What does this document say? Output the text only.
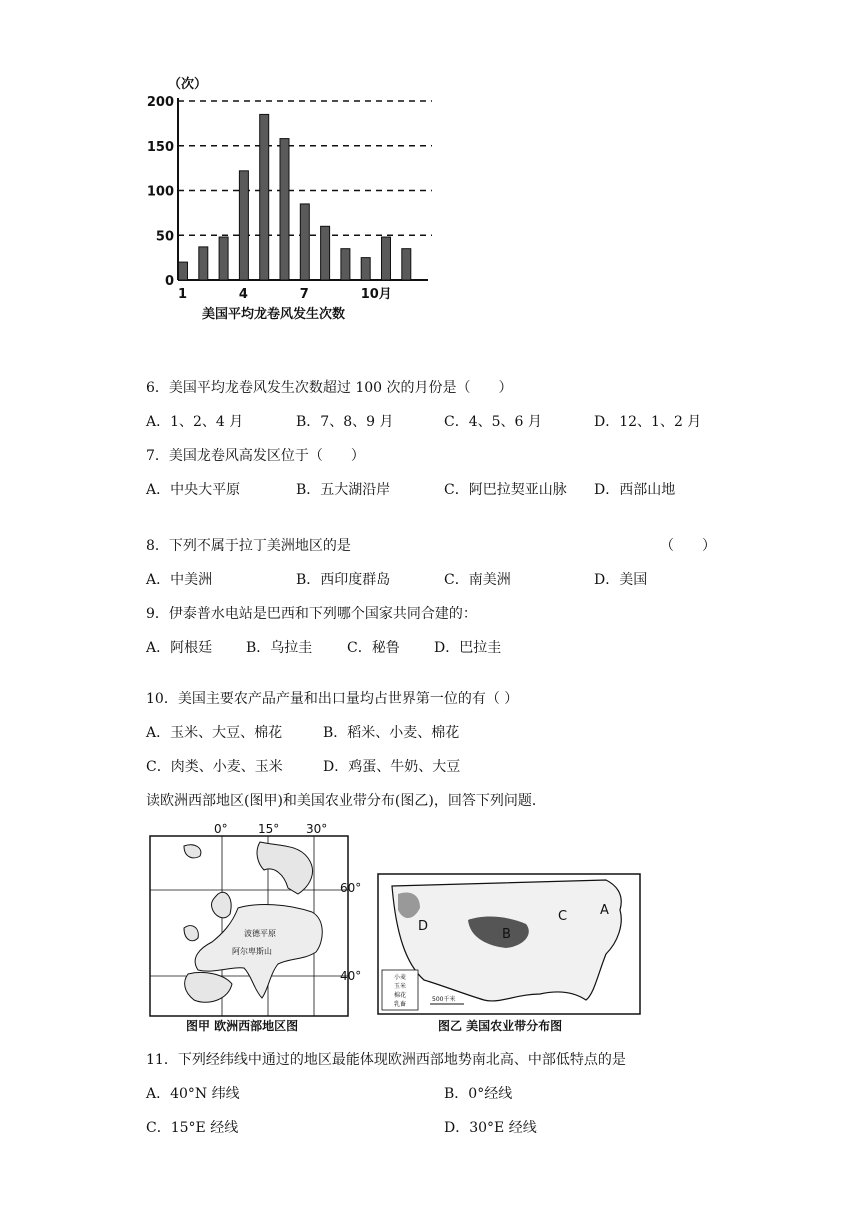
（次）
0
50
100
150
200
1	4	7	10月
美国平均龙卷风发生次数
6．美国平均龙卷风发生次数超过 100 次的月份是（　　）
A．1、2、4 月	B．7、8、9 月	C．4、5、6 月	D．12、1、2 月
7．美国龙卷风高发区位于（　　）
A．中央大平原	B．五大湖沿岸	C．阿巴拉契亚山脉 D．西部山地
8．下列不属于拉丁美洲地区的是	（　　）
A．中美洲	B．西印度群岛	C．南美洲	D．美国
9．伊泰普水电站是巴西和下列哪个国家共同合建的：
A．阿根廷 B．乌拉圭 C．秘鲁 D．巴拉圭
10．美国主要农产品产量和出口量均占世界第一位的有（ ）
A．玉米、大豆、棉花	B．稻米、小麦、棉花
C．肉类、小麦、玉米	D．鸡蛋、牛奶、大豆
读欧洲西部地区(图甲)和美国农业带分布(图乙)，回答下列问题．
0°	15° 30°
60°
40°
波德平原
阿尔卑斯山
图甲 欧洲西部地区图
A
B
C
D
小麦
玉米
棉花
乳畜
500千米
图乙 美国农业带分布图
11．下列经纬线中通过的地区最能体现欧洲西部地势南北高、中部低特点的是
A．40°N 纬线	B．0°经线
C．15°E 经线	D．30°E 经线
